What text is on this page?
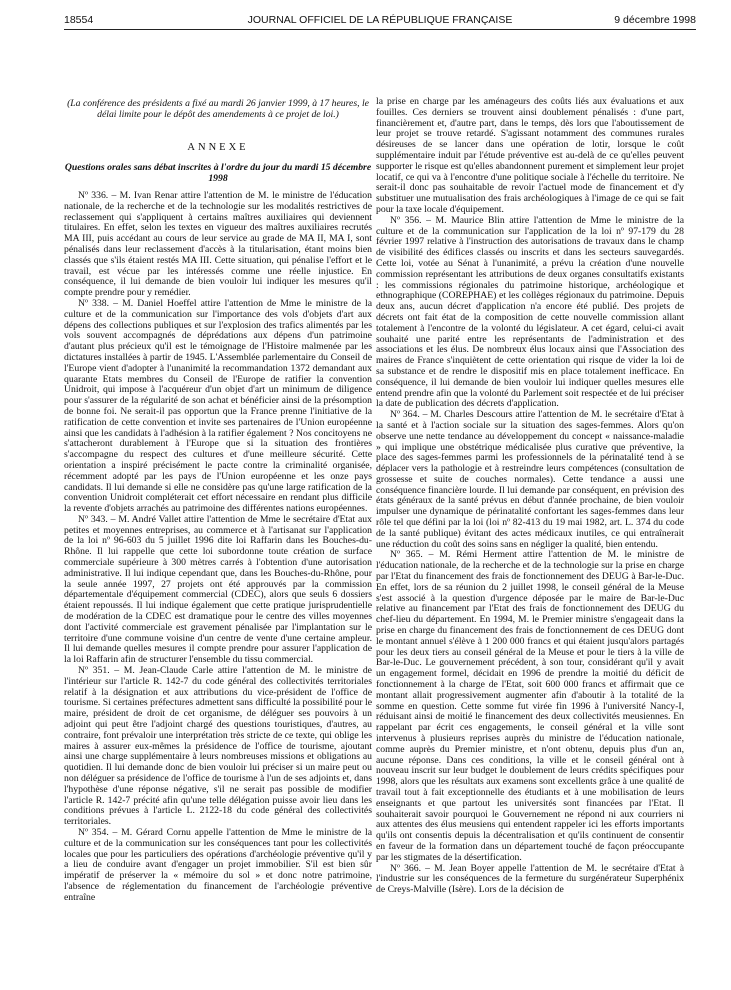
18554	JOURNAL OFFICIEL DE LA RÉPUBLIQUE FRANÇAISE	9 décembre 1998

(La conférence des présidents a fixé au mardi 26 janvier 1999, à 17 heures, le délai limite pour le dépôt des amendements à ce projet de loi.)

ANNEXE
Questions orales sans débat inscrites à l'ordre du jour du mardi 15 décembre 1998

Nº 336. – M. Ivan Renar attire l'attention de M. le ministre de l'éducation nationale, de la recherche et de la technologie sur les modalités restrictives de reclassement qui s'appliquent à certains maîtres auxiliaires qui deviennent titulaires. En effet, selon les textes en vigueur des maîtres auxiliaires recrutés MA III, puis accédant au cours de leur service au grade de MA II, MA I, sont pénalisés dans leur reclassement d'accès à la titularisation, étant moins bien classés que s'ils étaient restés MA III. Cette situation, qui pénalise l'effort et le travail, est vécue par les intéressés comme une réelle injustice. En conséquence, il lui demande de bien vouloir lui indiquer les mesures qu'il compte prendre pour y remédier.

Nº 338. – M. Daniel Hoeffel attire l'attention de Mme le ministre de la culture et de la communication sur l'importance des vols d'objets d'art aux dépens des collections publiques et sur l'explosion des trafics alimentés par les vols souvent accompagnés de déprédations aux dépens d'un patrimoine d'autant plus précieux qu'il est le témoignage de l'Histoire malmenée par les dictatures installées à partir de 1945. L'Assemblée parlementaire du Conseil de l'Europe vient d'adopter à l'unanimité la recommandation 1372 demandant aux quarante Etats membres du Conseil de l'Europe de ratifier la convention Unidroit, qui impose à l'acquéreur d'un objet d'art un minimum de diligence pour s'assurer de la régularité de son achat et bénéficier ainsi de la présomption de bonne foi. Ne serait-il pas opportun que la France prenne l'initiative de la ratification de cette convention et invite ses partenaires de l'Union européenne ainsi que les candidats à l'adhésion à la ratifier également ? Nos concitoyens ne s'attacheront durablement à l'Europe que si la situation des frontières s'accompagne du respect des cultures et d'une meilleure sécurité. Cette orientation a inspiré précisément le pacte contre la criminalité organisée, récemment adopté par les pays de l'Union européenne et les onze pays candidats. Il lui demande si elle ne considère pas qu'une large ratification de la convention Unidroit compléterait cet effort nécessaire en rendant plus difficile la revente d'objets arrachés au patrimoine des différentes nations européennes.

Nº 343. – M. André Vallet attire l'attention de Mme le secrétaire d'Etat aux petites et moyennes entreprises, au commerce et à l'artisanat sur l'application de la loi nº 96-603 du 5 juillet 1996 dite loi Raffarin dans les Bouches-du-Rhône. Il lui rappelle que cette loi subordonne toute création de surface commerciale supérieure à 300 mètres carrés à l'obtention d'une autorisation administrative. Il lui indique cependant que, dans les Bouches-du-Rhône, pour la seule année 1997, 27 projets ont été approuvés par la commission départementale d'équipement commercial (CDEC), alors que seuls 6 dossiers étaient repoussés. Il lui indique également que cette pratique jurisprudentielle de modération de la CDEC est dramatique pour le centre des villes moyennes dont l'activité commerciale est gravement pénalisée par l'implantation sur le territoire d'une commune voisine d'un centre de vente d'une certaine ampleur. Il lui demande quelles mesures il compte prendre pour assurer l'application de la loi Raffarin afin de structurer l'ensemble du tissu commercial.

Nº 351. – M. Jean-Claude Carle attire l'attention de M. le ministre de l'intérieur sur l'article R. 142-7 du code général des collectivités territoriales relatif à la désignation et aux attributions du vice-président de l'office de tourisme. Si certaines préfectures admettent sans difficulté la possibilité pour le maire, président de droit de cet organisme, de déléguer ses pouvoirs à un adjoint qui peut être l'adjoint chargé des questions touristiques, d'autres, au contraire, font prévaloir une interprétation très stricte de ce texte, qui oblige les maires à assurer eux-mêmes la présidence de l'office de tourisme, ajoutant ainsi une charge supplémentaire à leurs nombreuses missions et obligations au quotidien. Il lui demande donc de bien vouloir lui préciser si un maire peut ou non déléguer sa présidence de l'office de tourisme à l'un de ses adjoints et, dans l'hypothèse d'une réponse négative, s'il ne serait pas possible de modifier l'article R. 142-7 précité afin qu'une telle délégation puisse avoir lieu dans les conditions prévues à l'article L. 2122-18 du code général des collectivités territoriales.

Nº 354. – M. Gérard Cornu appelle l'attention de Mme le ministre de la culture et de la communication sur les conséquences tant pour les collectivités locales que pour les particuliers des opérations d'archéologie préventive qu'il y a lieu de conduire avant d'engager un projet immobilier. S'il est bien sûr impératif de préserver la « mémoire du sol » et donc notre patrimoine, l'absence de réglementation du financement de l'archéologie préventive entraîne

la prise en charge par les aménageurs des coûts liés aux évaluations et aux fouilles. Ces derniers se trouvent ainsi doublement pénalisés : d'une part, financièrement et, d'autre part, dans le temps, dès lors que l'aboutissement de leur projet se trouve retardé. S'agissant notamment des communes rurales désireuses de se lancer dans une opération de lotir, lorsque le coût supplémentaire induit par l'étude préventive est au-delà de ce qu'elles peuvent supporter le risque est qu'elles abandonnent purement et simplement leur projet locatif, ce qui va à l'encontre d'une politique sociale à l'échelle du territoire. Ne serait-il donc pas souhaitable de revoir l'actuel mode de financement et d'y substituer une mutualisation des frais archéologiques à l'image de ce qui se fait pour la taxe locale d'équipement.

Nº 356. – M. Maurice Blin attire l'attention de Mme le ministre de la culture et de la communication sur l'application de la loi nº 97-179 du 28 février 1997 relative à l'instruction des autorisations de travaux dans le champ de visibilité des édifices classés ou inscrits et dans les secteurs sauvegardés. Cette loi, votée au Sénat à l'unanimité, a prévu la création d'une nouvelle commission représentant les attributions de deux organes consultatifs existants : les commissions régionales du patrimoine historique, archéologique et ethnographique (COREPHAE) et les collèges régionaux du patrimoine. Depuis deux ans, aucun décret d'application n'a encore été publié. Des projets de décrets ont fait état de la composition de cette nouvelle commission allant totalement à l'encontre de la volonté du législateur. A cet égard, celui-ci avait souhaité une parité entre les représentants de l'administration et des associations et les élus. De nombreux élus locaux ainsi que l'Association des maires de France s'inquiètent de cette orientation qui risque de vider la loi de sa substance et de rendre le dispositif mis en place totalement inefficace. En conséquence, il lui demande de bien vouloir lui indiquer quelles mesures elle entend prendre afin que la volonté du Parlement soit respectée et de lui préciser la date de publication des décrets d'application.

Nº 364. – M. Charles Descours attire l'attention de M. le secrétaire d'Etat à la santé et à l'action sociale sur la situation des sages-femmes. Alors qu'on observe une nette tendance au développement du concept « naissance-maladie » qui implique une obstétrique médicalisée plus curative que préventive, la place des sages-femmes parmi les professionnels de la périnatalité tend à se déplacer vers la pathologie et à restreindre leurs compétences (consultation de grossesse et suite de couches normales). Cette tendance a aussi une conséquence financière lourde. Il lui demande par conséquent, en prévision des états généraux de la santé prévus en début d'année prochaine, de bien vouloir impulser une dynamique de périnatalité confortant les sages-femmes dans leur rôle tel que défini par la loi (loi nº 82-413 du 19 mai 1982, art. L. 374 du code de la santé publique) évitant des actes médicaux inutiles, ce qui entraînerait une réduction du coût des soins sans en négliger la qualité, bien entendu.

Nº 365. – M. Rémi Herment attire l'attention de M. le ministre de l'éducation nationale, de la recherche et de la technologie sur la prise en charge par l'Etat du financement des frais de fonctionnement des DEUG à Bar-le-Duc. En effet, lors de sa réunion du 2 juillet 1998, le conseil général de la Meuse s'est associé à la question d'urgence déposée par le maire de Bar-le-Duc relative au financement par l'Etat des frais de fonctionnement des DEUG du chef-lieu du département. En 1994, M. le Premier ministre s'engageait dans la prise en charge du financement des frais de fonctionnement de ces DEUG dont le montant annuel s'élève à 1 200 000 francs et qui étaient jusqu'alors partagés pour les deux tiers au conseil général de la Meuse et pour le tiers à la ville de Bar-le-Duc. Le gouvernement précédent, à son tour, considérant qu'il y avait un engagement formel, décidait en 1996 de prendre la moitié du déficit de fonctionnement à la charge de l'Etat, soit 600 000 francs et affirmait que ce montant allait progressivement augmenter afin d'aboutir à la totalité de la somme en question. Cette somme fut virée fin 1996 à l'université Nancy-I, réduisant ainsi de moitié le financement des deux collectivités meusiennes. En rappelant par écrit ces engagements, le conseil général et la ville sont intervenus à plusieurs reprises auprès du ministre de l'éducation nationale, comme auprès du Premier ministre, et n'ont obtenu, depuis plus d'un an, aucune réponse. Dans ces conditions, la ville et le conseil général ont à nouveau inscrit sur leur budget le doublement de leurs crédits spécifiques pour 1998, alors que les résultats aux examens sont excellents grâce à une qualité de travail tout à fait exceptionnelle des étudiants et à une mobilisation de leurs enseignants et que partout les universités sont financées par l'Etat. Il souhaiterait savoir pourquoi le Gouvernement ne répond ni aux courriers ni aux attentes des élus meusiens qui entendent rappeler ici les efforts importants qu'ils ont consentis depuis la décentralisation et qu'ils continuent de consentir en faveur de la formation dans un département touché de façon préoccupante par les stigmates de la désertification.

Nº 366. – M. Jean Boyer appelle l'attention de M. le secrétaire d'Etat à l'industrie sur les conséquences de la fermeture du surgénérateur Superphénix de Creys-Malville (Isère). Lors de la décision de
